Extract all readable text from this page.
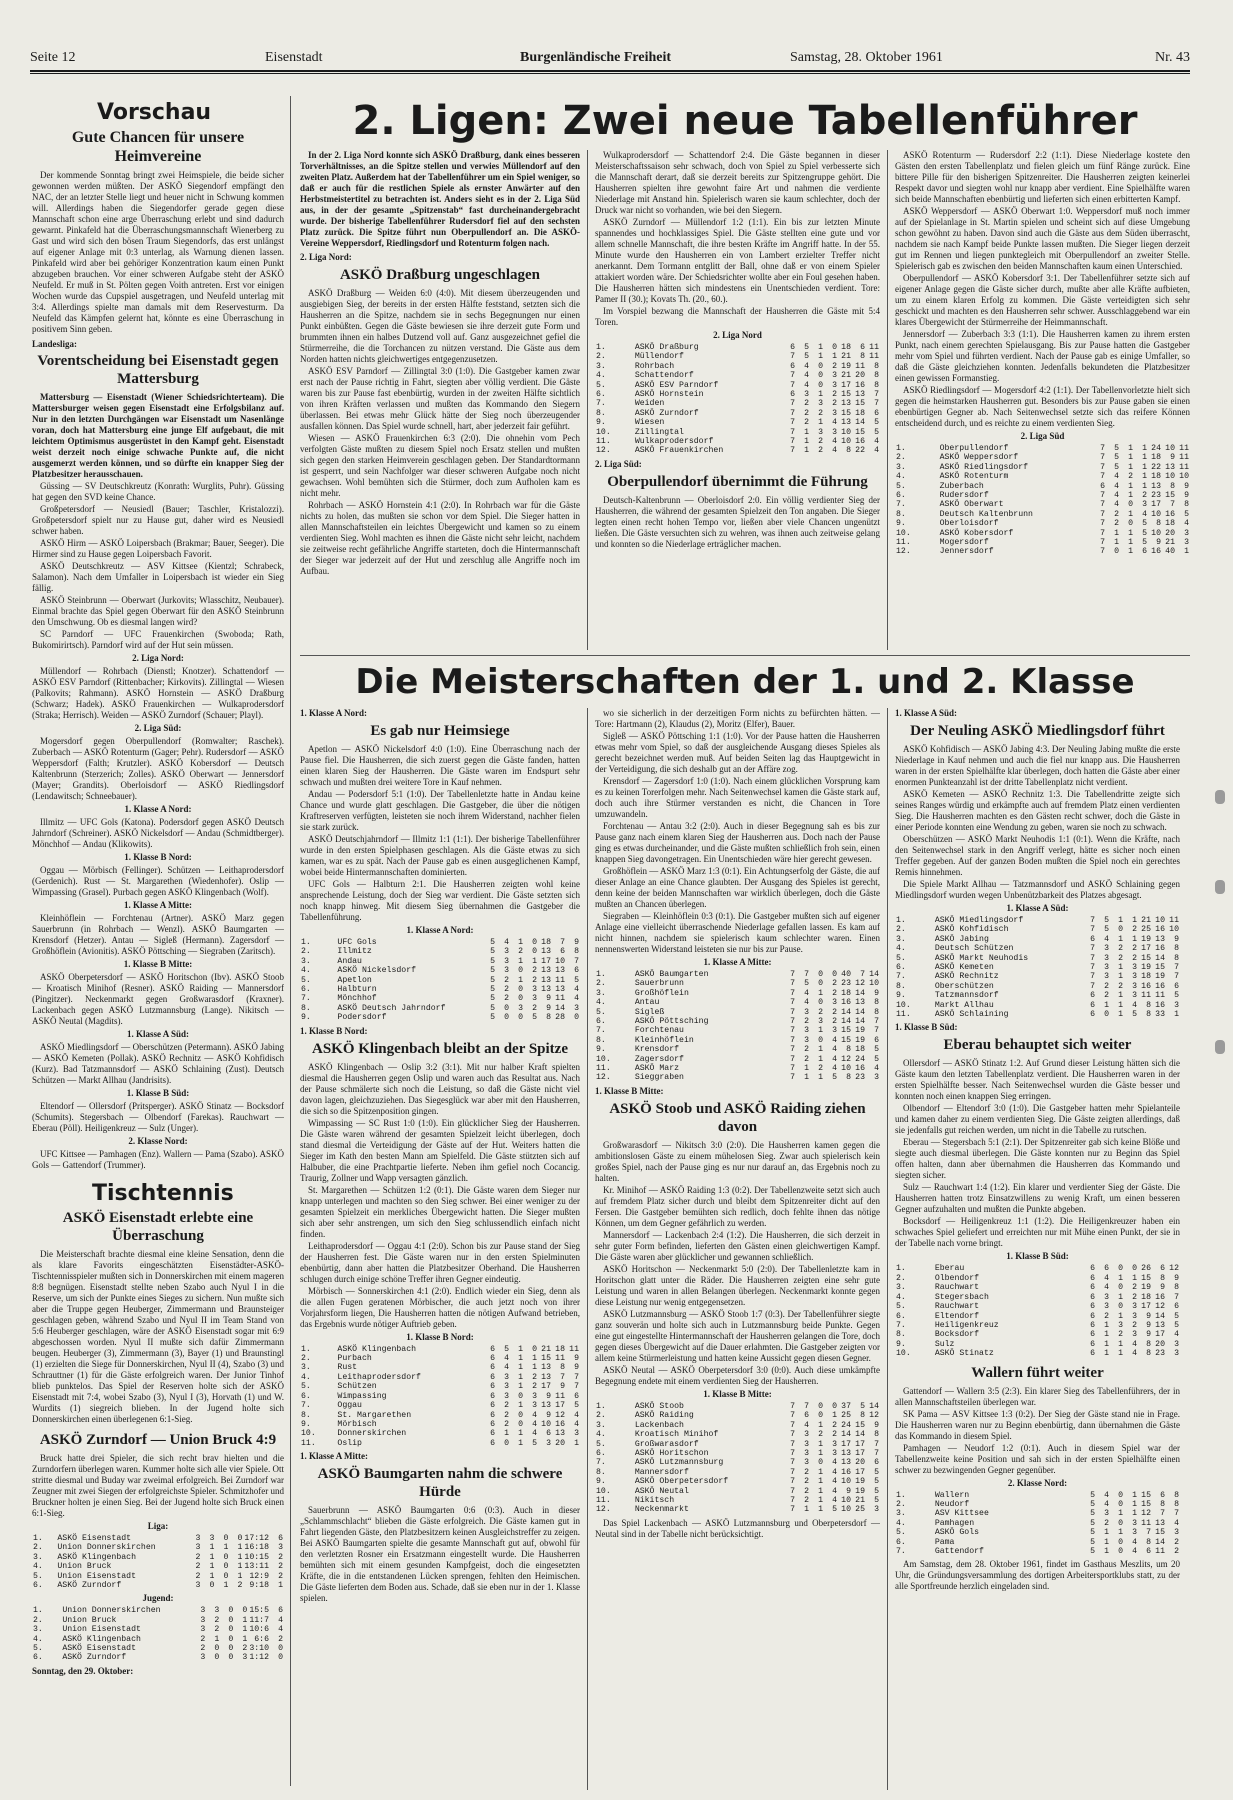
Seite 12	Eisenstadt	Burgenländische Freiheit	Samstag, 28. Oktober 1961	Nr. 43
Vorschau
Gute Chancen für unsere Heimvereine

Der kommende Sonntag bringt zwei Heimspiele, die beide sicher gewonnen werden müßten. Der ASKÖ Siegendorf empfängt den NAC, der an letzter Stelle liegt und heuer nicht in Schwung kommen will. Allerdings haben die Siegendorfer gerade gegen diese Mannschaft schon eine arge Überraschung erlebt und sind dadurch gewarnt. Pinkafeld hat die Überraschungsmannschaft Wienerberg zu Gast und wird sich den bösen Traum Siegendorfs, das erst unlängst auf eigener Anlage mit 0:3 unterlag, als Warnung dienen lassen. Pinkafeld wird aber bei gehöriger Konzentration kaum einen Punkt abzugeben brauchen. Vor einer schweren Aufgabe steht der ASKÖ Neufeld. Er muß in St. Pölten gegen Voith antreten. Erst vor einigen Wochen wurde das Cupspiel ausgetragen, und Neufeld unterlag mit 3:4. Allerdings spielte man damals mit dem Reservesturm. Da Neufeld das Kämpfen gelernt hat, könnte es eine Überraschung in positivem Sinn geben.

Landesliga:
Vorentscheidung bei Eisenstadt gegen Mattersburg

Mattersburg — Eisenstadt (Wiener Schiedsrichterteam). Die Mattersburger weisen gegen Eisenstadt eine Erfolgsbilanz auf. Nur in den letzten Durchgängen war Eisenstadt um Nasenlänge voran, doch hat Mattersburg eine junge Elf aufgebaut, die mit leichtem Optimismus ausgerüstet in den Kampf geht. Eisenstadt weist derzeit noch einige schwache Punkte auf, die nicht ausgemerzt werden können, und so dürfte ein knapper Sieg der Platzbesitzer herausschauen.

Güssing — SV Deutschkreutz (Konrath: Wurglits, Puhr). Güssing hat gegen den SVD keine Chance.

Großpetersdorf — Neusiedl (Bauer; Taschler, Kristalozzi). Großpetersdorf spielt nur zu Hause gut, daher wird es Neusiedl schwer haben.

ASKÖ Hirm — ASKÖ Loipersbach (Brakmar; Bauer, Seeger). Die Hirmer sind zu Hause gegen Loipersbach Favorit.

ASKÖ Deutschkreutz — ASV Kittsee (Kientzl; Schrabeck, Salamon). Nach dem Umfaller in Loipersbach ist wieder ein Sieg fällig.

ASKÖ Steinbrunn — Oberwart (Jurkovits; Wlasschitz, Neubauer). Einmal brachte das Spiel gegen Oberwart für den ASKÖ Steinbrunn den Umschwung. Ob es diesmal langen wird?

SC Parndorf — UFC Frauenkirchen (Swoboda; Rath, Bukomirirtsch). Parndorf wird auf der Hut sein müssen.

2. Liga Nord:

Müllendorf — Rohrbach (Dienstl; Knotzer). Schattendorf — ASKÖ ESV Parndorf (Rittenbacher; Kirkovits). Zillingtal — Wiesen (Palkovits; Rahmann). ASKÖ Hornstein — ASKÖ Draßburg (Schwarz; Hadek). ASKÖ Frauenkirchen — Wulkaprodersdorf (Straka; Herrisch). Weiden — ASKÖ Zurndorf (Schauer; Playl).

2. Liga Süd:

Mogersdorf gegen Oberpullendorf (Romwalter; Raschek). Zuberbach — ASKÖ Rotenturm (Gager; Pehr). Rudersdorf — ASKÖ Weppersdorf (Falth; Krutzler). ASKÖ Kobersdorf — Deutsch Kaltenbrunn (Sterzerich; Zolles). ASKÖ Oberwart — Jennersdorf (Mayer; Grandits). Oberloisdorf — ASKÖ Riedlingsdorf (Lendawitsch; Schneebauer).

1. Klasse A Nord:

Illmitz — UFC Gols (Katona). Podersdorf gegen ASKÖ Deutsch Jahrndorf (Schreiner). ASKÖ Nickelsdorf — Andau (Schmidtberger). Mönchhof — Andau (Klikowits).

1. Klasse B Nord:

Oggau — Mörbisch (Fellinger). Schützen — Leithaprodersdorf (Gerdenich). Rust — St. Margarethen (Wiedenhofer). Oslip — Wimpassing (Grasel). Purbach gegen ASKÖ Klingenbach (Wolf).

1. Klasse A Mitte:

Kleinhöflein — Forchtenau (Artner). ASKÖ Marz gegen Sauerbrunn (in Rohrbach — Wenzl). ASKÖ Baumgarten — Krensdorf (Hetzer). Antau — Sigleß (Hermann). Zagersdorf — Großhöflein (Avionitis). ASKÖ Pöttsching — Siegraben (Zaritsch).

1. Klasse B Mitte:

ASKÖ Oberpetersdorf — ASKÖ Horitschon (Ibv). ASKÖ Stoob — Kroatisch Minihof (Resner). ASKÖ Raiding — Mannersdorf (Pingitzer). Neckenmarkt gegen Großwarasdorf (Kraxner). Lackenbach gegen ASKÖ Lutzmannsburg (Lange). Nikitsch — ASKÖ Neutal (Magdits).

1. Klasse A Süd:

ASKÖ Miedlingsdorf — Oberschützen (Petermann). ASKÖ Jabing — ASKÖ Kemeten (Pollak). ASKÖ Rechnitz — ASKÖ Kohfidisch (Kurz). Bad Tatzmannsdorf — ASKÖ Schlaining (Zust). Deutsch Schützen — Markt Allhau (Jandrisits).

1. Klasse B Süd:

Eltendorf — Ollersdorf (Pritsperger). ASKÖ Stinatz — Bocksdorf (Schumits). Stegersbach — Olbendorf (Farekas). Rauchwart — Eberau (Pöll). Heiligenkreuz — Sulz (Unger).

2. Klasse Nord:

UFC Kittsee — Pamhagen (Enz). Wallern — Pama (Szabo). ASKÖ Gols — Gattendorf (Trummer).

Tischtennis
ASKÖ Eisenstadt erlebte eine Überraschung

Die Meisterschaft brachte diesmal eine kleine Sensation, denn die als klare Favorits eingeschätzten Eisenstädter-ASKÖ-Tischtennisspieler mußten sich in Donnerskirchen mit einem mageren 8:8 begnügen. Eisenstadt stellte neben Szabo auch Nyul I in die Reserve, um sich der Punkte eines Sieges zu sichern. Nun mußte sich aber die Truppe gegen Heuberger, Zimmermann und Braunsteiger geschlagen geben, während Szabo und Nyul II im Team Stand von 5:6 Heuberger geschlagen, wäre der ASKÖ Eisenstadt sogar mit 6:9 abgeschossen worden. Nyul II mußte sich dafür Zimmermann beugen. Heuberger (3), Zimmermann (3), Bayer (1) und Braunstingl (1) erzielten die Siege für Donnerskirchen, Nyul II (4), Szabo (3) und Schrauttner (1) für die Gäste erfolgreich waren. Der Junior Tinhof blieb punktelos. Das Spiel der Reserven holte sich der ASKÖ Eisenstadt mit 7:4, wobei Szabo (3), Nyul I (3), Horvath (1) und W. Wurdits (1) siegreich blieben. In der Jugend holte sich Donnerskirchen einen überlegenen 6:1-Sieg.

ASKÖ Zurndorf — Union Bruck 4:9

Bruck hatte drei Spieler, die sich recht brav hielten und die Zurndorfern überlegen waren. Kummer holte sich alle vier Spiele. Ott stritte diesmal und Buday war zweimal erfolgreich. Bei Zurndorf war Zeugner mit zwei Siegen der erfolgreichste Spieler. Schmitzhofer und Bruckner holten je einen Sieg. Bei der Jugend holte sich Bruck einen 6:1-Sieg.

Liga:
1.	ASKÖ Eisenstadt	3	3	0	0	17:12	6
2.	Union Donnerskirchen	3	1	1	1	16:18	3
3.	ASKÖ Klingenbach	2	1	0	1	10:15	2
4.	Union Bruck	2	1	0	1	13:11	2
5.	Union Eisenstadt	2	1	0	1	12:9	2
6.	ASKÖ Zurndorf	3	0	1	2	9:18	1
Jugend:
1.	Union Donnerskirchen	3	3	0	0	15:5	6
2.	Union Bruck	3	2	0	1	11:7	4
3.	Union Eisenstadt	3	2	0	1	10:6	4
4.	ASKÖ Klingenbach	2	1	0	1	6:6	2
5.	ASKÖ Eisenstadt	2	0	0	2	3:10	0
6.	ASKÖ Zurndorf	3	0	0	3	1:12	0
Sonntag, den 29. Oktober:
2. Ligen: Zwei neue Tabellenführer

In der 2. Liga Nord konnte sich ASKÖ Draßburg, dank eines besseren Torverhältnisses, an die Spitze stellen und verwies Müllendorf auf den zweiten Platz. Außerdem hat der Tabellenführer um ein Spiel weniger, so daß er auch für die restlichen Spiele als ernster Anwärter auf den Herbstmeistertitel zu betrachten ist. Anders sieht es in der 2. Liga Süd aus, in der der gesamte „Spitzenstab“ fast durcheinandergebracht wurde. Der bisherige Tabellenführer Rudersdorf fiel auf den sechsten Platz zurück. Die Spitze führt nun Oberpullendorf an. Die ASKÖ-Vereine Weppersdorf, Riedlingsdorf und Rotenturm folgen nach.

2. Liga Nord:
ASKÖ Draßburg ungeschlagen

ASKÖ Draßburg — Weiden 6:0 (4:0). Mit diesem überzeugenden und ausgiebigen Sieg, der bereits in der ersten Hälfte feststand, setzten sich die Hausherren an die Spitze, nachdem sie in sechs Begegnungen nur einen Punkt einbüßten. Gegen die Gäste bewiesen sie ihre derzeit gute Form und brummten ihnen ein halbes Dutzend voll auf. Ganz ausgezeichnet gefiel die Stürmerreihe, die die Torchancen zu nützen verstand. Die Gäste aus dem Norden hatten nichts gleichwertiges entgegenzusetzen.

ASKÖ ESV Parndorf — Zillingtal 3:0 (1:0). Die Gastgeber kamen zwar erst nach der Pause richtig in Fahrt, siegten aber völlig verdient. Die Gäste waren bis zur Pause fast ebenbürtig, wurden in der zweiten Hälfte sichtlich von ihren Kräften verlassen und mußten das Kommando den Siegern überlassen. Bei etwas mehr Glück hätte der Sieg noch überzeugender ausfallen können. Das Spiel wurde schnell, hart, aber jederzeit fair geführt.

Wiesen — ASKÖ Frauenkirchen 6:3 (2:0). Die ohnehin vom Pech verfolgten Gäste mußten zu diesem Spiel noch Ersatz stellen und mußten sich gegen den starken Heimverein geschlagen geben. Der Standardtormann ist gesperrt, und sein Nachfolger war dieser schweren Aufgabe noch nicht gewachsen. Wohl bemühten sich die Stürmer, doch zum Aufholen kam es nicht mehr.

Rohrbach — ASKÖ Hornstein 4:1 (2:0). In Rohrbach war für die Gäste nichts zu holen, das mußten sie schon vor dem Spiel. Die Sieger hatten in allen Mannschaftsteilen ein leichtes Übergewicht und kamen so zu einem verdienten Sieg. Wohl machten es ihnen die Gäste nicht sehr leicht, nachdem sie zeitweise recht gefährliche Angriffe starteten, doch die Hintermannschaft der Sieger war jederzeit auf der Hut und zerschlug alle Angriffe noch im Aufbau.

Wulkaprodersdorf — Schattendorf 2:4. Die Gäste begannen in dieser Meisterschaftssaison sehr schwach, doch von Spiel zu Spiel verbesserte sich die Mannschaft derart, daß sie derzeit bereits zur Spitzengruppe gehört. Die Hausherren spielten ihre gewohnt faire Art und nahmen die verdiente Niederlage mit Anstand hin. Spielerisch waren sie kaum schlechter, doch der Druck war nicht so vorhanden, wie bei den Siegern.

ASKÖ Zurndorf — Müllendorf 1:2 (1:1). Ein bis zur letzten Minute spannendes und hochklassiges Spiel. Die Gäste stellten eine gute und vor allem schnelle Mannschaft, die ihre besten Kräfte im Angriff hatte. In der 55. Minute wurde den Hausherren ein von Lambert erzielter Treffer nicht anerkannt. Dem Tormann entglitt der Ball, ohne daß er von einem Spieler attakiert worden wäre. Der Schiedsrichter wollte aber ein Foul gesehen haben. Die Hausherren hätten sich mindestens ein Unentschieden verdient. Tore: Pamer II (30.); Kovats Th. (20., 60.).

Im Vorspiel bezwang die Mannschaft der Hausherren die Gäste mit 5:4 Toren.

2. Liga Nord
1.	ASKÖ Draßburg	6	5	1	0	18	6	11
2.	Müllendorf	7	5	1	1	21	8	11
3.	Rohrbach	6	4	0	2	19	11	8
4.	Schattendorf	7	4	0	3	21	20	8
5.	ASKÖ ESV Parndorf	7	4	0	3	17	16	8
6.	ASKÖ Hornstein	6	3	1	2	15	13	7
7.	Weiden	7	2	3	2	13	15	7
8.	ASKÖ Zurndorf	7	2	2	3	15	18	6
9.	Wiesen	7	2	1	4	13	14	5
10.	Zillingtal	7	1	3	3	10	15	5
11.	Wulkaprodersdorf	7	1	2	4	10	16	4
12.	ASKÖ Frauenkirchen	7	1	2	4	8	22	4
2. Liga Süd:
Oberpullendorf übernimmt die Führung

Deutsch-Kaltenbrunn — Oberloisdorf 2:0. Ein völlig verdienter Sieg der Hausherren, die während der gesamten Spielzeit den Ton angaben. Die Sieger legten einen recht hohen Tempo vor, ließen aber viele Chancen ungenützt ließen. Die Gäste versuchten sich zu wehren, was ihnen auch zeitweise gelang und konnten so die Niederlage erträglicher machen.

ASKÖ Rotenturm — Rudersdorf 2:2 (1:1). Diese Niederlage kostete den Gästen den ersten Tabellenplatz und fielen gleich um fünf Ränge zurück. Eine bittere Pille für den bisherigen Spitzenreiter. Die Hausherren zeigten keinerlei Respekt davor und siegten wohl nur knapp aber verdient. Eine Spielhälfte waren sich beide Mannschaften ebenbürtig und lieferten sich einen erbitterten Kampf.

ASKÖ Weppersdorf — ASKÖ Oberwart 1:0. Weppersdorf muß noch immer auf der Spielanlage in St. Martin spielen und scheint sich auf diese Umgebung schon gewöhnt zu haben. Davon sind auch die Gäste aus dem Süden überrascht, nachdem sie nach Kampf beide Punkte lassen mußten. Die Sieger liegen derzeit gut im Rennen und liegen punktegleich mit Oberpullendorf an zweiter Stelle. Spielerisch gab es zwischen den beiden Mannschaften kaum einen Unterschied.

Oberpullendorf — ASKÖ Kobersdorf 3:1. Der Tabellenführer setzte sich auf eigener Anlage gegen die Gäste sicher durch, mußte aber alle Kräfte aufbieten, um zu einem klaren Erfolg zu kommen. Die Gäste verteidigten sich sehr geschickt und machten es den Hausherren sehr schwer. Ausschlaggebend war ein klares Übergewicht der Stürmerreihe der Heimmannschaft.

Jennersdorf — Zuberbach 3:3 (1:1). Die Hausherren kamen zu ihrem ersten Punkt, nach einem gerechten Spielausgang. Bis zur Pause hatten die Gastgeber mehr vom Spiel und führten verdient. Nach der Pause gab es einige Umfaller, so daß die Gäste gleichziehen konnten. Jedenfalls bekundeten die Platzbesitzer einen gewissen Formanstieg.

ASKÖ Riedlingsdorf — Mogersdorf 4:2 (1:1). Der Tabellenvorletzte hielt sich gegen die heimstarken Hausherren gut. Besonders bis zur Pause gaben sie einen ebenbürtigen Gegner ab. Nach Seitenwechsel setzte sich das reifere Können entscheidend durch, und es reichte zu einem verdienten Sieg.

2. Liga Süd
1.	Oberpullendorf	7	5	1	1	24	10	11
2.	ASKÖ Weppersdorf	7	5	1	1	18	9	11
3.	ASKÖ Riedlingsdorf	7	5	1	1	22	13	11
4.	ASKÖ Rotenturm	7	4	2	1	18	10	10
5.	Zuberbach	6	4	1	1	13	8	9
6.	Rudersdorf	7	4	1	2	23	15	9
7.	ASKÖ Oberwart	7	4	0	3	17	7	8
8.	Deutsch Kaltenbrunn	7	2	1	4	10	16	5
9.	Oberloisdorf	7	2	0	5	8	18	4
10.	ASKÖ Kobersdorf	7	1	1	5	10	20	3
11.	Mogersdorf	7	1	1	5	9	21	3
12.	Jennersdorf	7	0	1	6	16	40	1
Die Meisterschaften der 1. und 2. Klasse
1. Klasse A Nord:
Es gab nur Heimsiege

Apetlon — ASKÖ Nickelsdorf 4:0 (1:0). Eine Überraschung nach der Pause fiel. Die Hausherren, die sich zuerst gegen die Gäste fanden, hatten einen klaren Sieg der Hausherren. Die Gäste waren im Endspurt sehr schwach und mußten drei weitere Tore in Kauf nehmen.

Andau — Podersdorf 5:1 (1:0). Der Tabellenletzte hatte in Andau keine Chance und wurde glatt geschlagen. Die Gastgeber, die über die nötigen Kraftreserven verfügten, leisteten sie noch ihrem Widerstand, nachher fielen sie stark zurück.

ASKÖ Deutschjahrndorf — Illmitz 1:1 (1:1). Der bisherige Tabellenführer wurde in den ersten Spielphasen geschlagen. Als die Gäste etwas zu sich kamen, war es zu spät. Nach der Pause gab es einen ausgeglichenen Kampf, wobei beide Hintermannschaften dominierten.

UFC Gols — Halbturn 2:1. Die Hausherren zeigten wohl keine ansprechende Leistung, doch der Sieg war verdient. Die Gäste setzten sich noch knapp hinweg. Mit diesem Sieg übernahmen die Gastgeber die Tabellenführung.

1. Klasse A Nord:
1.	UFC Gols	5	4	1	0	18	7	9
2.	Illmitz	5	3	2	0	13	6	8
3.	Andau	5	3	1	1	17	10	7
4.	ASKÖ Nickelsdorf	5	3	0	2	13	13	6
5.	Apetlon	5	2	1	2	13	11	5
6.	Halbturn	5	2	0	3	13	13	4
7.	Mönchhof	5	2	0	3	9	11	4
8.	ASKÖ Deutsch Jahrndorf	5	0	3	2	9	14	3
9.	Podersdorf	5	0	0	5	8	28	0
1. Klasse B Nord:
ASKÖ Klingenbach bleibt an der Spitze

ASKÖ Klingenbach — Oslip 3:2 (3:1). Mit nur halber Kraft spielten diesmal die Hausherren gegen Oslip und waren auch das Resultat aus. Nach der Pause schmälerte sich noch die Leistung, so daß die Gäste nicht viel davon lagen, gleichzuziehen. Das Siegesglück war aber mit den Hausherren, die sich so die Spitzenposition gingen.

Wimpassing — SC Rust 1:0 (1:0). Ein glücklicher Sieg der Hausherren. Die Gäste waren während der gesamten Spielzeit leicht überlegen, doch stand diesmal die Verteidigung der Gäste auf der Hut. Weiters hatten die Sieger im Kath den besten Mann am Spielfeld. Die Gäste stützten sich auf Halbuber, die eine Prachtpartie lieferte. Neben ihm gefiel noch Cocancig. Traurig, Zollner und Wapp versagten gänzlich.

St. Margarethen — Schützen 1:2 (0:1). Die Gäste waren dem Sieger nur knapp unterlegen und machten so den Sieg schwer. Bei einer weniger zu der gesamten Spielzeit ein merkliches Übergewicht hatten. Die Sieger mußten sich aber sehr anstrengen, um sich den Sieg schlussendlich einfach nicht finden.

Leithaprodersdorf — Oggau 4:1 (2:0). Schon bis zur Pause stand der Sieg der Hausherren fest. Die Gäste waren nur in den ersten Spielminuten ebenbürtig, dann aber hatten die Platzbesitzer Oberhand. Die Hausherren schlugen durch einige schöne Treffer ihren Gegner eindeutig.

Mörbisch — Sonnerskirchen 4:1 (2:0). Endlich wieder ein Sieg, denn als die allen Fugen geratenen Mörbischer, die auch jetzt noch von ihrer Vorjahrsform liegen, Die Hausherren hatten die nötigen Aufwand betrieben, das Ergebnis wurde nötiger Auftrieb geben.

1. Klasse B Nord:
1.	ASKÖ Klingenbach	6	5	1	0	21	18	11
2.	Purbach	6	4	1	1	15	11	9
3.	Rust	6	4	1	1	13	8	9
4.	Leithaprodersdorf	6	3	1	2	13	7	7
5.	Schützen	6	3	1	2	17	9	7
6.	Wimpassing	6	3	0	3	9	11	6
7.	Oggau	6	2	1	3	13	17	5
8.	St. Margarethen	6	2	0	4	9	12	4
9.	Mörbisch	6	2	0	4	10	16	4
10.	Donnerskirchen	6	1	1	4	6	13	3
11.	Oslip	6	0	1	5	3	20	1
1. Klasse A Mitte:
ASKÖ Baumgarten nahm die schwere Hürde

Sauerbrunn — ASKÖ Baumgarten 0:6 (0:3). Auch in dieser „Schlammschlacht“ blieben die Gäste erfolgreich. Die Gäste kamen gut in Fahrt liegenden Gäste, den Platzbesitzern keinen Ausgleichstreffer zu zeigen. Bei ASKÖ Baumgarten spielte die gesamte Mannschaft gut auf, obwohl für den verletzten Rosner ein Ersatzmann eingestellt wurde. Die Hausherren bemühten sich mit einem gesunden Kampfgeist, doch die eingesetzten Kräfte, die in die entstandenen Lücken sprengen, fehlten den Heimischen. Die Gäste lieferten dem Boden aus. Schade, daß sie eben nur in der 1. Klasse spielen.

wo sie sicherlich in der derzeitigen Form nichts zu befürchten hätten. — Tore: Hartmann (2), Klaudus (2), Moritz (Elfer), Bauer.

Sigleß — ASKÖ Pöttsching 1:1 (1:0). Vor der Pause hatten die Hausherren etwas mehr vom Spiel, so daß der ausgleichende Ausgang dieses Spieles als gerecht bezeichnet werden muß. Auf beiden Seiten lag das Hauptgewicht in der Verteidigung, die sich deshalb gut an der Affäre zog.

Krensdorf — Zagersdorf 1:0 (1:0). Nach einem glücklichen Vorsprung kam es zu keinen Torerfolgen mehr. Nach Seitenwechsel kamen die Gäste stark auf, doch auch ihre Stürmer verstanden es nicht, die Chancen in Tore umzuwandeln.

Forchtenau — Antau 3:2 (2:0). Auch in dieser Begegnung sah es bis zur Pause ganz nach einem klaren Sieg der Hausherren aus. Doch nach der Pause ging es etwas durcheinander, und die Gäste mußten schließlich froh sein, einen knappen Sieg davongetragen. Ein Unentschieden wäre hier gerecht gewesen.

Großhöflein — ASKÖ Marz 1:3 (0:1). Ein Achtungserfolg der Gäste, die auf dieser Anlage an eine Chance glaubten. Der Ausgang des Spieles ist gerecht, denn keine der beiden Mannschaften war wirklich überlegen, doch die Gäste mußten an Chancen überlegen.

Siegraben — Kleinhöflein 0:3 (0:1). Die Gastgeber mußten sich auf eigener Anlage eine vielleicht überraschende Niederlage gefallen lassen. Es kam auf nicht hinnen, nachdem sie spielerisch kaum schlechter waren. Einen nennenswerten Widerstand leisteten sie nur bis zur Pause.

1. Klasse A Mitte:
1.	ASKÖ Baumgarten	7	7	0	0	40	7	14
2.	Sauerbrunn	7	5	0	2	23	12	10
3.	Großhöflein	7	4	1	2	18	14	9
4.	Antau	7	4	0	3	16	13	8
5.	Sigleß	7	3	2	2	14	14	8
6.	ASKÖ Pöttsching	7	2	3	2	14	14	7
7.	Forchtenau	7	3	1	3	15	19	7
8.	Kleinhöflein	7	3	0	4	15	19	6
9.	Krensdorf	7	2	1	4	8	18	5
10.	Zagersdorf	7	2	1	4	12	24	5
11.	ASKÖ Marz	7	1	2	4	10	16	4
12.	Sieggraben	7	1	1	5	8	23	3
1. Klasse B Mitte:
ASKÖ Stoob und ASKÖ Raiding ziehen davon

Großwarasdorf — Nikitsch 3:0 (2:0). Die Hausherren kamen gegen die ambitionslosen Gäste zu einem mühelosen Sieg. Zwar auch spielerisch kein großes Spiel, nach der Pause ging es nur nur darauf an, das Ergebnis noch zu halten.

Kr. Minihof — ASKÖ Raiding 1:3 (0:2). Der Tabellenzweite setzt sich auch auf fremdem Platz sicher durch und bleibt dem Spitzenreiter dicht auf den Fersen. Die Gastgeber bemühten sich redlich, doch fehlte ihnen das nötige Können, um dem Gegner gefährlich zu werden.

Mannersdorf — Lackenbach 2:4 (1:2). Die Hausherren, die sich derzeit in sehr guter Form befinden, lieferten den Gästen einen gleichwertigen Kampf. Die Gäste waren aber glücklicher und gewannen schließlich.

ASKÖ Horitschon — Neckenmarkt 5:0 (2:0). Der Tabellenletzte kam in Horitschon glatt unter die Räder. Die Hausherren zeigten eine sehr gute Leistung und waren in allen Belangen überlegen. Neckenmarkt konnte gegen diese Leistung nur wenig entgegensetzen.

ASKÖ Lutzmannsburg — ASKÖ Stoob 1:7 (0:3). Der Tabellenführer siegte ganz souverän und holte sich auch in Lutzmannsburg beide Punkte. Gegen eine gut eingestellte Hintermannschaft der Hausherren gelangen die Tore, doch gegen dieses Übergewicht auf die Dauer erlahmten. Die Gastgeber zeigten vor allem keine Stürmerleistung und hatten keine Aussicht gegen diesen Gegner.

ASKÖ Neutal — ASKÖ Oberpetersdorf 3:0 (0:0). Auch diese umkämpfte Begegnung endete mit einem verdienten Sieg der Hausherren.

1. Klasse B Mitte:
1.	ASKÖ Stoob	7	7	0	0	37	5	14
2.	ASKÖ Raiding	7	6	0	1	25	8	12
3.	Lackenbach	7	4	1	2	24	15	9
4.	Kroatisch Minihof	7	3	2	2	14	14	8
5.	Großwarasdorf	7	3	1	3	17	17	7
6.	ASKÖ Horitschon	7	3	1	3	13	17	7
7.	ASKÖ Lutzmannsburg	7	3	0	4	13	20	6
8.	Mannersdorf	7	2	1	4	16	17	5
9.	ASKÖ Oberpetersdorf	7	2	1	4	10	19	5
10.	ASKÖ Neutal	7	2	1	4	9	19	5
11.	Nikitsch	7	2	1	4	10	21	5
12.	Neckenmarkt	7	1	1	5	10	25	3

Das Spiel Lackenbach — ASKÖ Lutzmannsburg und Oberpetersdorf — Neutal sind in der Tabelle nicht berücksichtigt.

1. Klasse A Süd:
Der Neuling ASKÖ Miedlingsdorf führt

ASKÖ Kohfidisch — ASKÖ Jabing 4:3. Der Neuling Jabing mußte die erste Niederlage in Kauf nehmen und auch die fiel nur knapp aus. Die Hausherren waren in der ersten Spielhälfte klar überlegen, doch hatten die Gäste aber einer enormen Punkteanzahl ist der dritte Tabellenplatz nicht verdient.

ASKÖ Kemeten — ASKÖ Rechnitz 1:3. Die Tabellendritte zeigte sich seines Ranges würdig und erkämpfte auch auf fremdem Platz einen verdienten Sieg. Die Hausherren machten es den Gästen recht schwer, doch die Gäste in einer Periode konnten eine Wendung zu geben, waren sie noch zu schwach.

Oberschützen — ASKÖ Markt Neuhodis 1:1 (0:1). Wenn die Kräfte, nach den Seitenwechsel stark in den Angriff verlegt, hätte es sicher noch einen Treffer gegeben. Auf der ganzen Boden mußten die Spiel noch ein gerechtes Remis hinnehmen.

Die Spiele Markt Allhau — Tatzmannsdorf und ASKÖ Schlaining gegen Miedlingsdorf wurden wegen Unbenützbarkeit des Platzes abgesagt.

1. Klasse A Süd:
1.	ASKÖ Miedlingsdorf	7	5	1	1	21	10	11
2.	ASKÖ Kohfidisch	7	5	0	2	25	16	10
3.	ASKÖ Jabing	6	4	1	1	19	13	9
4.	Deutsch Schützen	7	3	2	2	17	16	8
5.	ASKÖ Markt Neuhodis	7	3	2	2	15	14	8
6.	ASKÖ Kemeten	7	3	1	3	19	15	7
7.	ASKÖ Rechnitz	7	3	1	3	18	19	7
8.	Oberschützen	7	2	2	3	16	16	6
9.	Tatzmannsdorf	6	2	1	3	11	11	5
10.	Markt Allhau	6	1	1	4	8	16	3
11.	ASKÖ Schlaining	6	0	1	5	8	33	1
1. Klasse B Süd:
Eberau behauptet sich weiter

Ollersdorf — ASKÖ Stinatz 1:2. Auf Grund dieser Leistung hätten sich die Gäste kaum den letzten Tabellenplatz verdient. Die Hausherren waren in der ersten Spielhälfte besser. Nach Seitenwechsel wurden die Gäste besser und konnten noch einen knappen Sieg erringen.

Olbendorf — Eltendorf 3:0 (1:0). Die Gastgeber hatten mehr Spielanteile und kamen daher zu einem verdienten Sieg. Die Gäste zeigten allerdings, daß sie jedenfalls gut reichen werden, um nicht in die Tabelle zu rutschen.

Eberau — Stegersbach 5:1 (2:1). Der Spitzenreiter gab sich keine Blöße und siegte auch diesmal überlegen. Die Gäste konnten nur zu Beginn das Spiel offen halten, dann aber übernahmen die Hausherren das Kommando und siegten sicher.

Sulz — Rauchwart 1:4 (1:2). Ein klarer und verdienter Sieg der Gäste. Die Hausherren hatten trotz Einsatzwillens zu wenig Kraft, um einen besseren Gegner aufzuhalten und mußten die Punkte abgeben.

Bocksdorf — Heiligenkreuz 1:1 (1:2). Die Heiligenkreuzer haben ein schwaches Spiel geliefert und erreichten nur mit Mühe einen Punkt, der sie in der Tabelle nach vorne bringt.

1. Klasse B Süd:
1.	Eberau	6	6	0	0	26	6	12
2.	Olbendorf	6	4	1	1	15	8	9
3.	Rauchwart	6	4	0	2	19	9	8
4.	Stegersbach	6	3	1	2	18	16	7
5.	Rauchwart	6	3	0	3	17	12	6
6.	Eltendorf	6	2	1	3	9	14	5
7.	Heiligenkreuz	6	1	3	2	9	13	5
8.	Bocksdorf	6	1	2	3	9	17	4
9.	Sulz	6	1	1	4	8	20	3
10.	ASKÖ Stinatz	6	1	1	4	8	23	3
Wallern führt weiter

Gattendorf — Wallern 3:5 (2:3). Ein klarer Sieg des Tabellenführers, der in allen Mannschaftsteilen überlegen war.

SK Pama — ASV Kittsee 1:3 (0:2). Der Sieg der Gäste stand nie in Frage. Die Hausherren waren nur zu Beginn ebenbürtig, dann übernahmen die Gäste das Kommando in diesem Spiel.

Pamhagen — Neudorf 1:2 (0:1). Auch in diesem Spiel war der Tabellenzweite keine Position und sah sich in der ersten Spielhälfte einen schwer zu bezwingenden Gegner gegenüber.

2. Klasse Nord:
1.	Wallern	5	4	0	1	15	6	8
2.	Neudorf	5	4	0	1	15	8	8
3.	ASV Kittsee	5	3	1	1	12	7	7
4.	Pamhagen	5	2	0	3	11	13	4
5.	ASKÖ Gols	5	1	1	3	7	15	3
6.	Pama	5	1	0	4	8	14	2
7.	Gattendorf	5	1	0	4	6	11	2

Am Samstag, dem 28. Oktober 1961, findet im Gasthaus Meszlits, um 20 Uhr, die Gründungsversammlung des dortigen Arbeitersportklubs statt, zu der alle Sportfreunde herzlich eingeladen sind.
